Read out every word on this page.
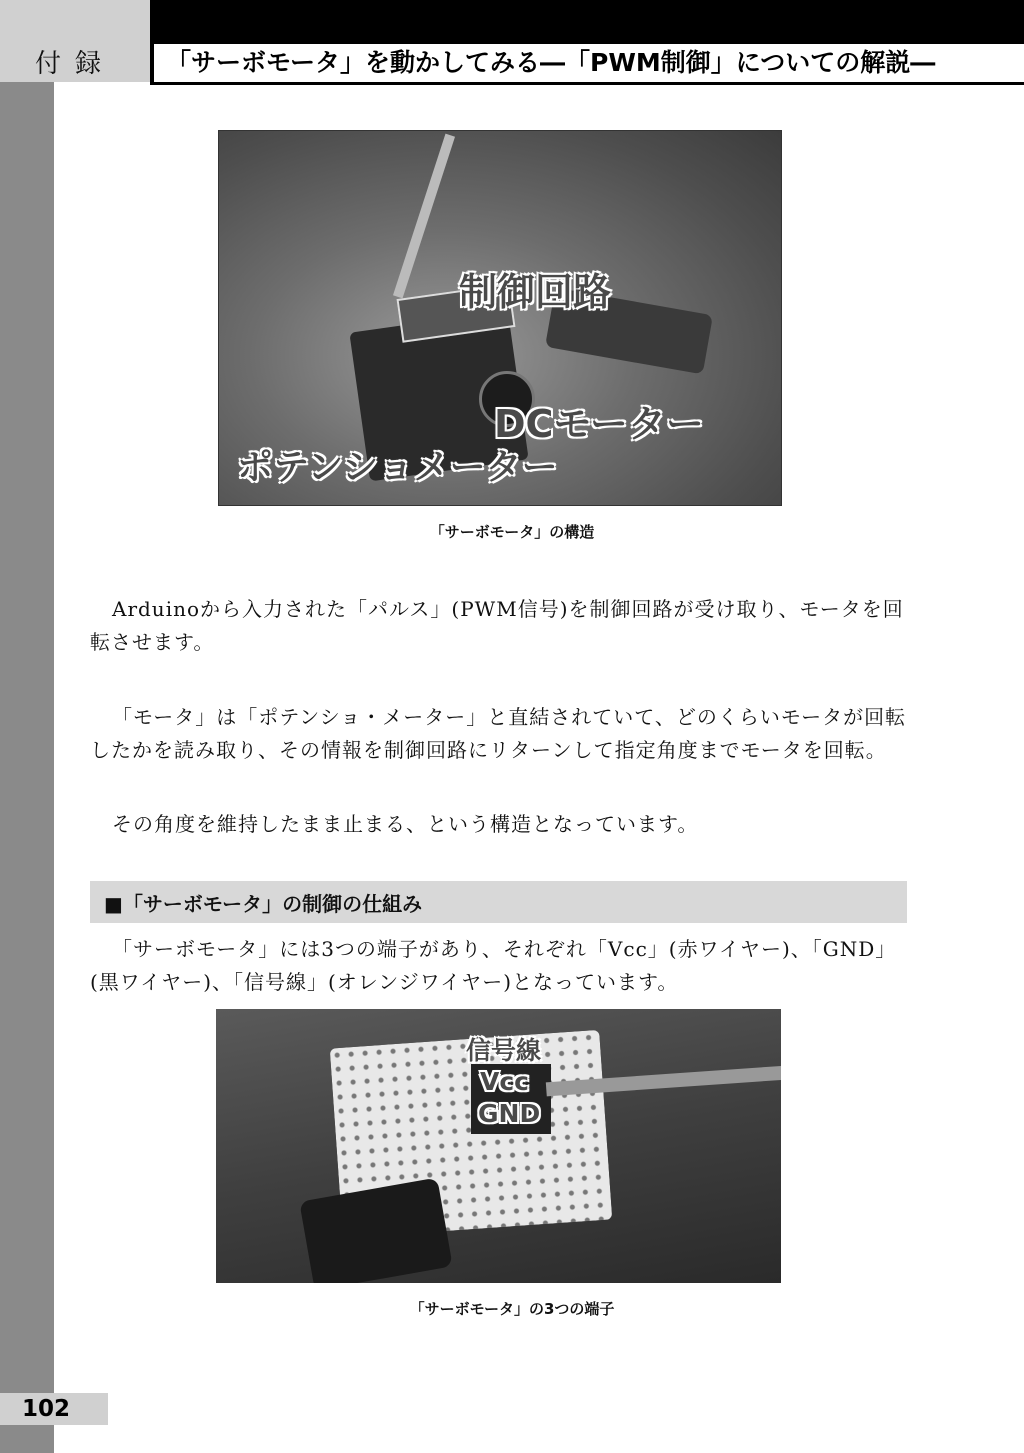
付録	「サーボモータ」を動かしてみる―「PWM制御」についての解説―
制御回路
DCモーター
ポテンショメーター
「サーボモータ」の構造

Arduinoから入力された「パルス」(PWM信号)を制御回路が受け取り、モータを回転させます。

「モータ」は「ポテンショ・メーター」と直結されていて、どのくらいモータが回転したかを読み取り、その情報を制御回路にリターンして指定角度までモータを回転。

その角度を維持したまま止まる、という構造となっています。

■「サーボモータ」の制御の仕組み

「サーボモータ」には3つの端子があり、それぞれ「Vcc」(赤ワイヤー)、「GND」(黒ワイヤー)、「信号線」(オレンジワイヤー)となっています。

信号線
Vcc
GND
「サーボモータ」の3つの端子
102
